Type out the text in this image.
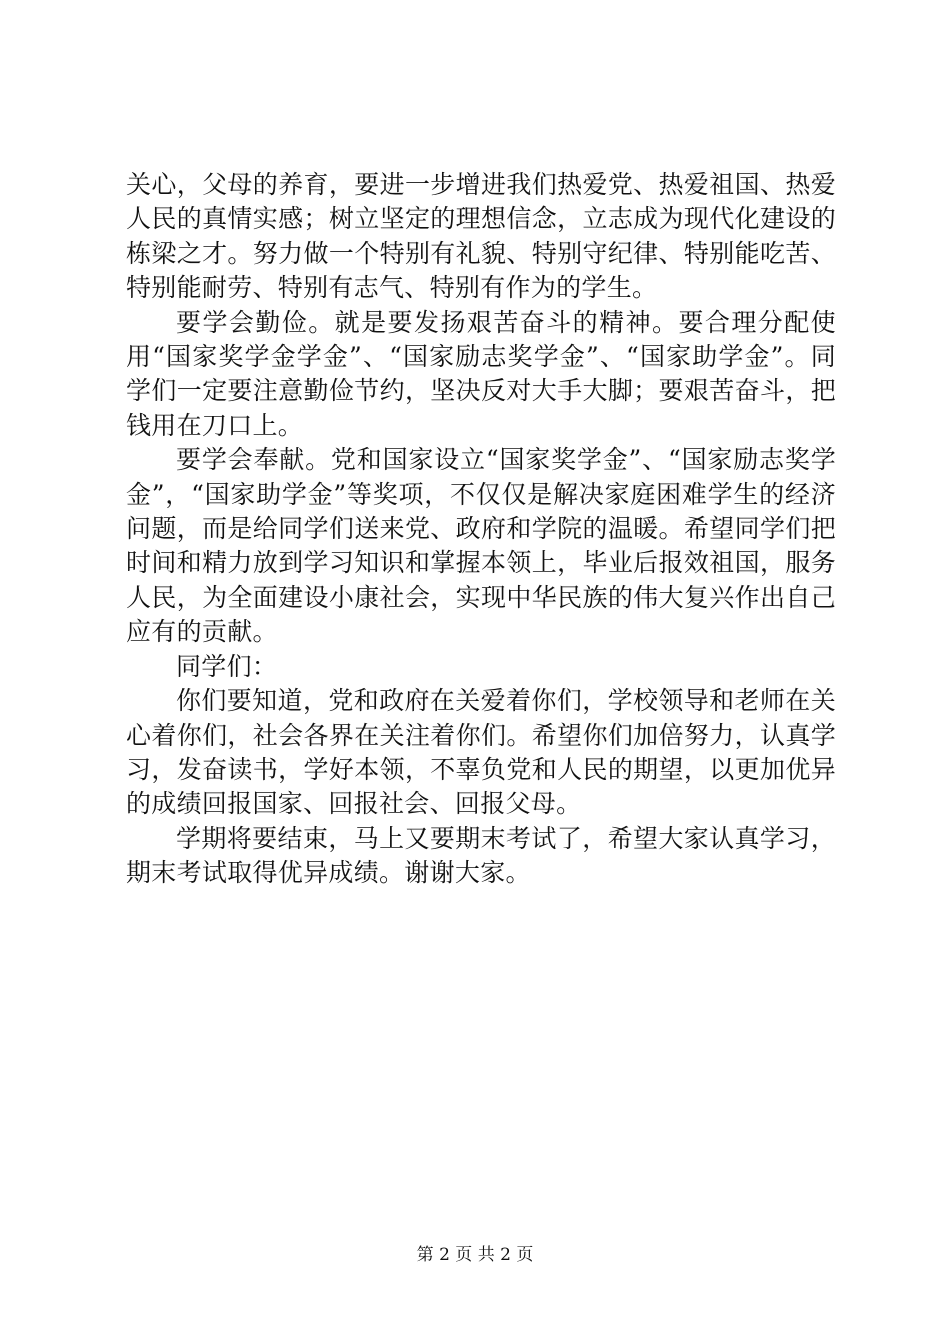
关心，父母的养育，要进一步增进我们热爱党、热爱祖国、热爱人民的真情实感；树立坚定的理想信念，立志成为现代化建设的栋梁之才。努力做一个特别有礼貌、特别守纪律、特别能吃苦、特别能耐劳、特别有志气、特别有作为的学生。

要学会勤俭。就是要发扬艰苦奋斗的精神。要合理分配使用“国家奖学金学金”、“国家励志奖学金”、“国家助学金”。同学们一定要注意勤俭节约，坚决反对大手大脚；要艰苦奋斗，把钱用在刀口上。

要学会奉献。党和国家设立“国家奖学金”、“国家励志奖学金”，“国家助学金”等奖项，不仅仅是解决家庭困难学生的经济问题，而是给同学们送来党、政府和学院的温暖。希望同学们把时间和精力放到学习知识和掌握本领上，毕业后报效祖国，服务人民，为全面建设小康社会，实现中华民族的伟大复兴作出自己应有的贡献。

同学们：

你们要知道，党和政府在关爱着你们，学校领导和老师在关心着你们，社会各界在关注着你们。希望你们加倍努力，认真学习，发奋读书，学好本领，不辜负党和人民的期望，以更加优异的成绩回报国家、回报社会、回报父母。

学期将要结束，马上又要期末考试了，希望大家认真学习，期末考试取得优异成绩。谢谢大家。

第 2 页 共 2 页
